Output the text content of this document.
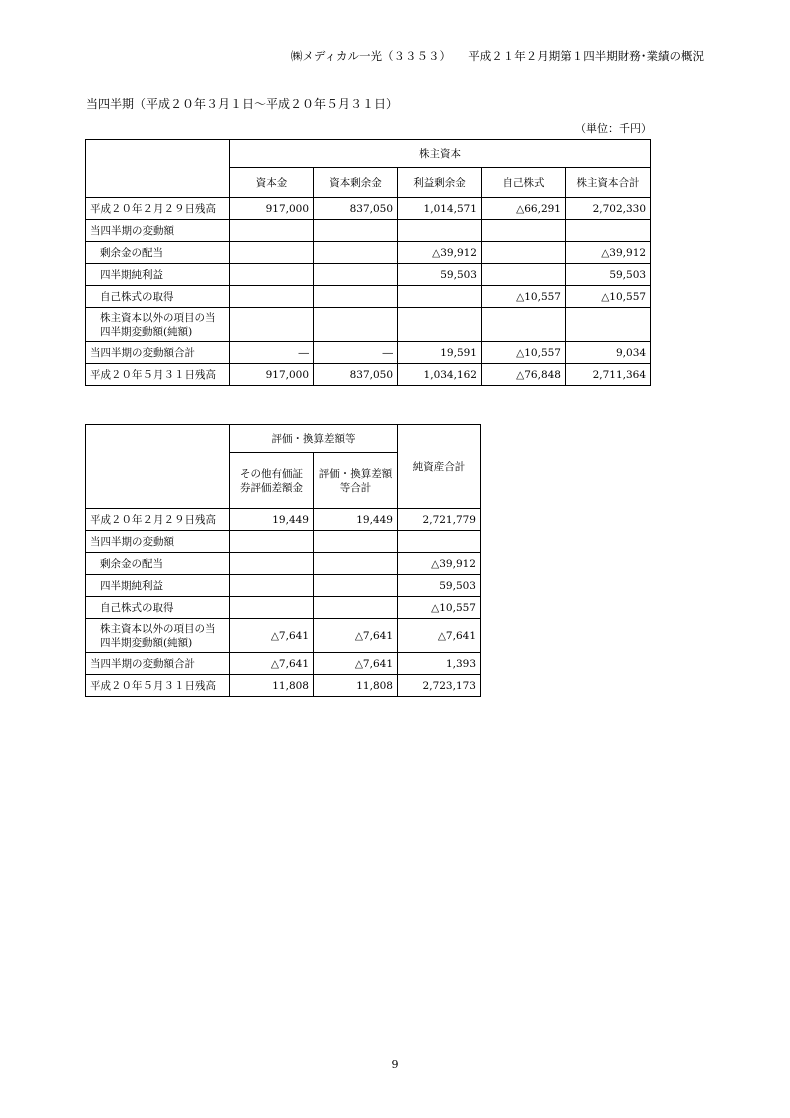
㈱メディカル一光（３３５３）　　 平成２１年２月期第１四半期財務･業績の概況
当四半期（平成２０年３月１日～平成２０年５月３１日）
（単位：千円）
	株主資本				
	資本金	資本剰余金	利益剰余金	自己株式	株主資本合計
平成２０年２月２９日残高	917,000	837,050	1,014,571	△66,291	2,702,330
当四半期の変動額					
剰余金の配当			△39,912		△39,912
四半期純利益			59,503		59,503
自己株式の取得				△10,557	△10,557
株主資本以外の項目の当四半期変動額(純額)					
当四半期の変動額合計	―	―	19,591	△10,557	9,034
平成２０年５月３１日残高	917,000	837,050	1,034,162	△76,848	2,711,364
	評価・換算差額等		純資産合計
	その他有価証券評価差額金	評価・換算差額等合計	
平成２０年２月２９日残高	19,449	19,449	2,721,779
当四半期の変動額			
剰余金の配当			△39,912
四半期純利益			59,503
自己株式の取得			△10,557
株主資本以外の項目の当四半期変動額(純額)	△7,641	△7,641	△7,641
当四半期の変動額合計	△7,641	△7,641	1,393
平成２０年５月３１日残高	11,808	11,808	2,723,173
9
